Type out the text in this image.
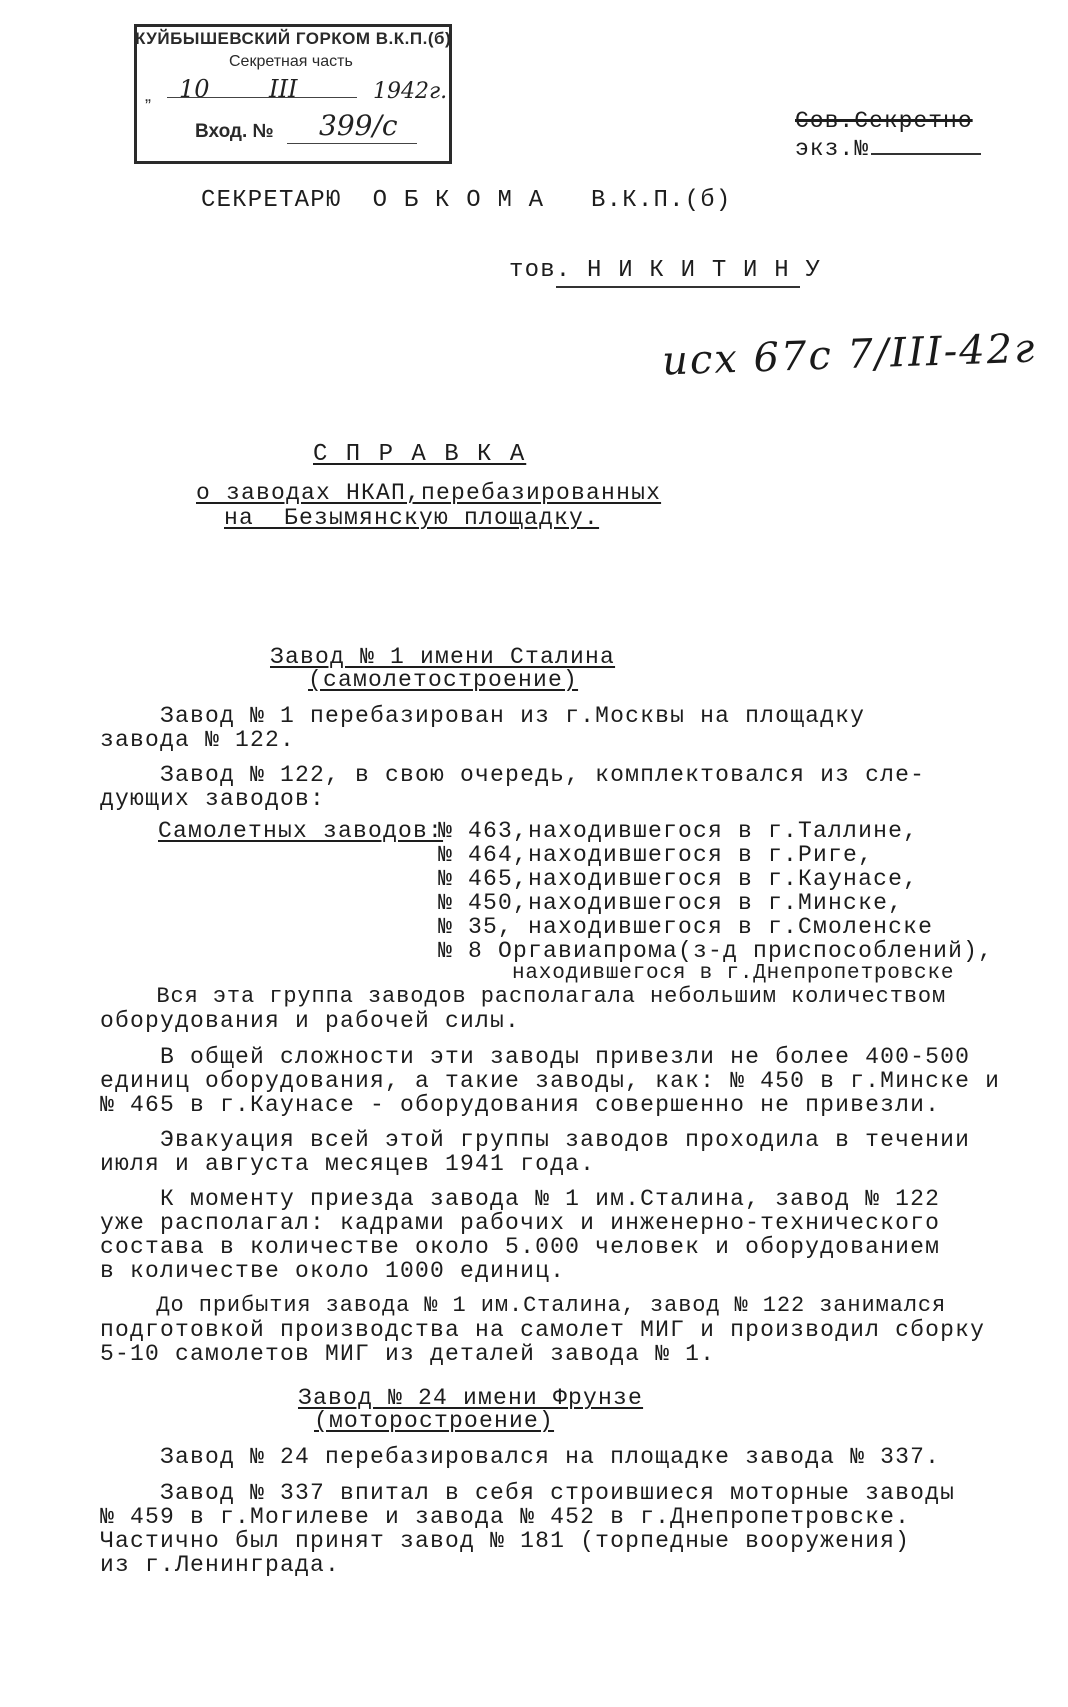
КУЙБЫШЕВСКИЙ ГОРКОМ В.К.П.(б)
Секретная часть
„ 10 III	1942г.
Вход. № 399/с	Сов.Секретно
экз.№
СЕКРЕТАРЮ  О Б К О М А   В.К.П.(б)
тов. Н И К И Т И Н У
исх 67с 7/III-42г
С П Р А В К А
о заводах НКАП,перебазированных
на  Безымянскую площадку.
Завод № 1 имени Сталина
(самолетостроение)
Завод № 1 перебазирован из г.Москвы на площадку
завода № 122.
Завод № 122, в свою очередь, комплектовался из сле-
дующих заводов:
Самолетных заводов:
№ 463,находившегося в г.Таллине,
№ 464,находившегося в г.Риге,
№ 465,находившегося в г.Каунасе,
№ 450,находившегося в г.Минске,
№ 35, находившегося в г.Смоленске
№ 8 Оргавиапрома(з-д приспособлений),
находившегося в г.Днепропетровске
Вся эта группа заводов располагала небольшим количеством
оборудования и рабочей силы.
В общей сложности эти заводы привезли не более 400-500
единиц оборудования, а такие заводы, как: № 450 в г.Минске и
№ 465 в г.Каунасе - оборудования совершенно не привезли.
Эвакуация всей этой группы заводов проходила в течении
июля и августа месяцев 1941 года.
К моменту приезда завода № 1 им.Сталина, завод № 122
уже располагал: кадрами рабочих и инженерно-технического
состава в количестве около 5.000 человек и оборудованием
в количестве около 1000 единиц.
До прибытия завода № 1 им.Сталина, завод № 122 занимался
подготовкой производства на самолет МИГ и производил сборку
5-10 самолетов МИГ из деталей завода № 1.
Завод № 24 имени Фрунзе
(моторостроение)
Завод № 24 перебазировался на площадке завода № 337.
Завод № 337 впитал в себя строившиеся моторные заводы
№ 459 в г.Могилеве и завода № 452 в г.Днепропетровске.
Частично был принят завод № 181 (торпедные вооружения)
из г.Ленинграда.
